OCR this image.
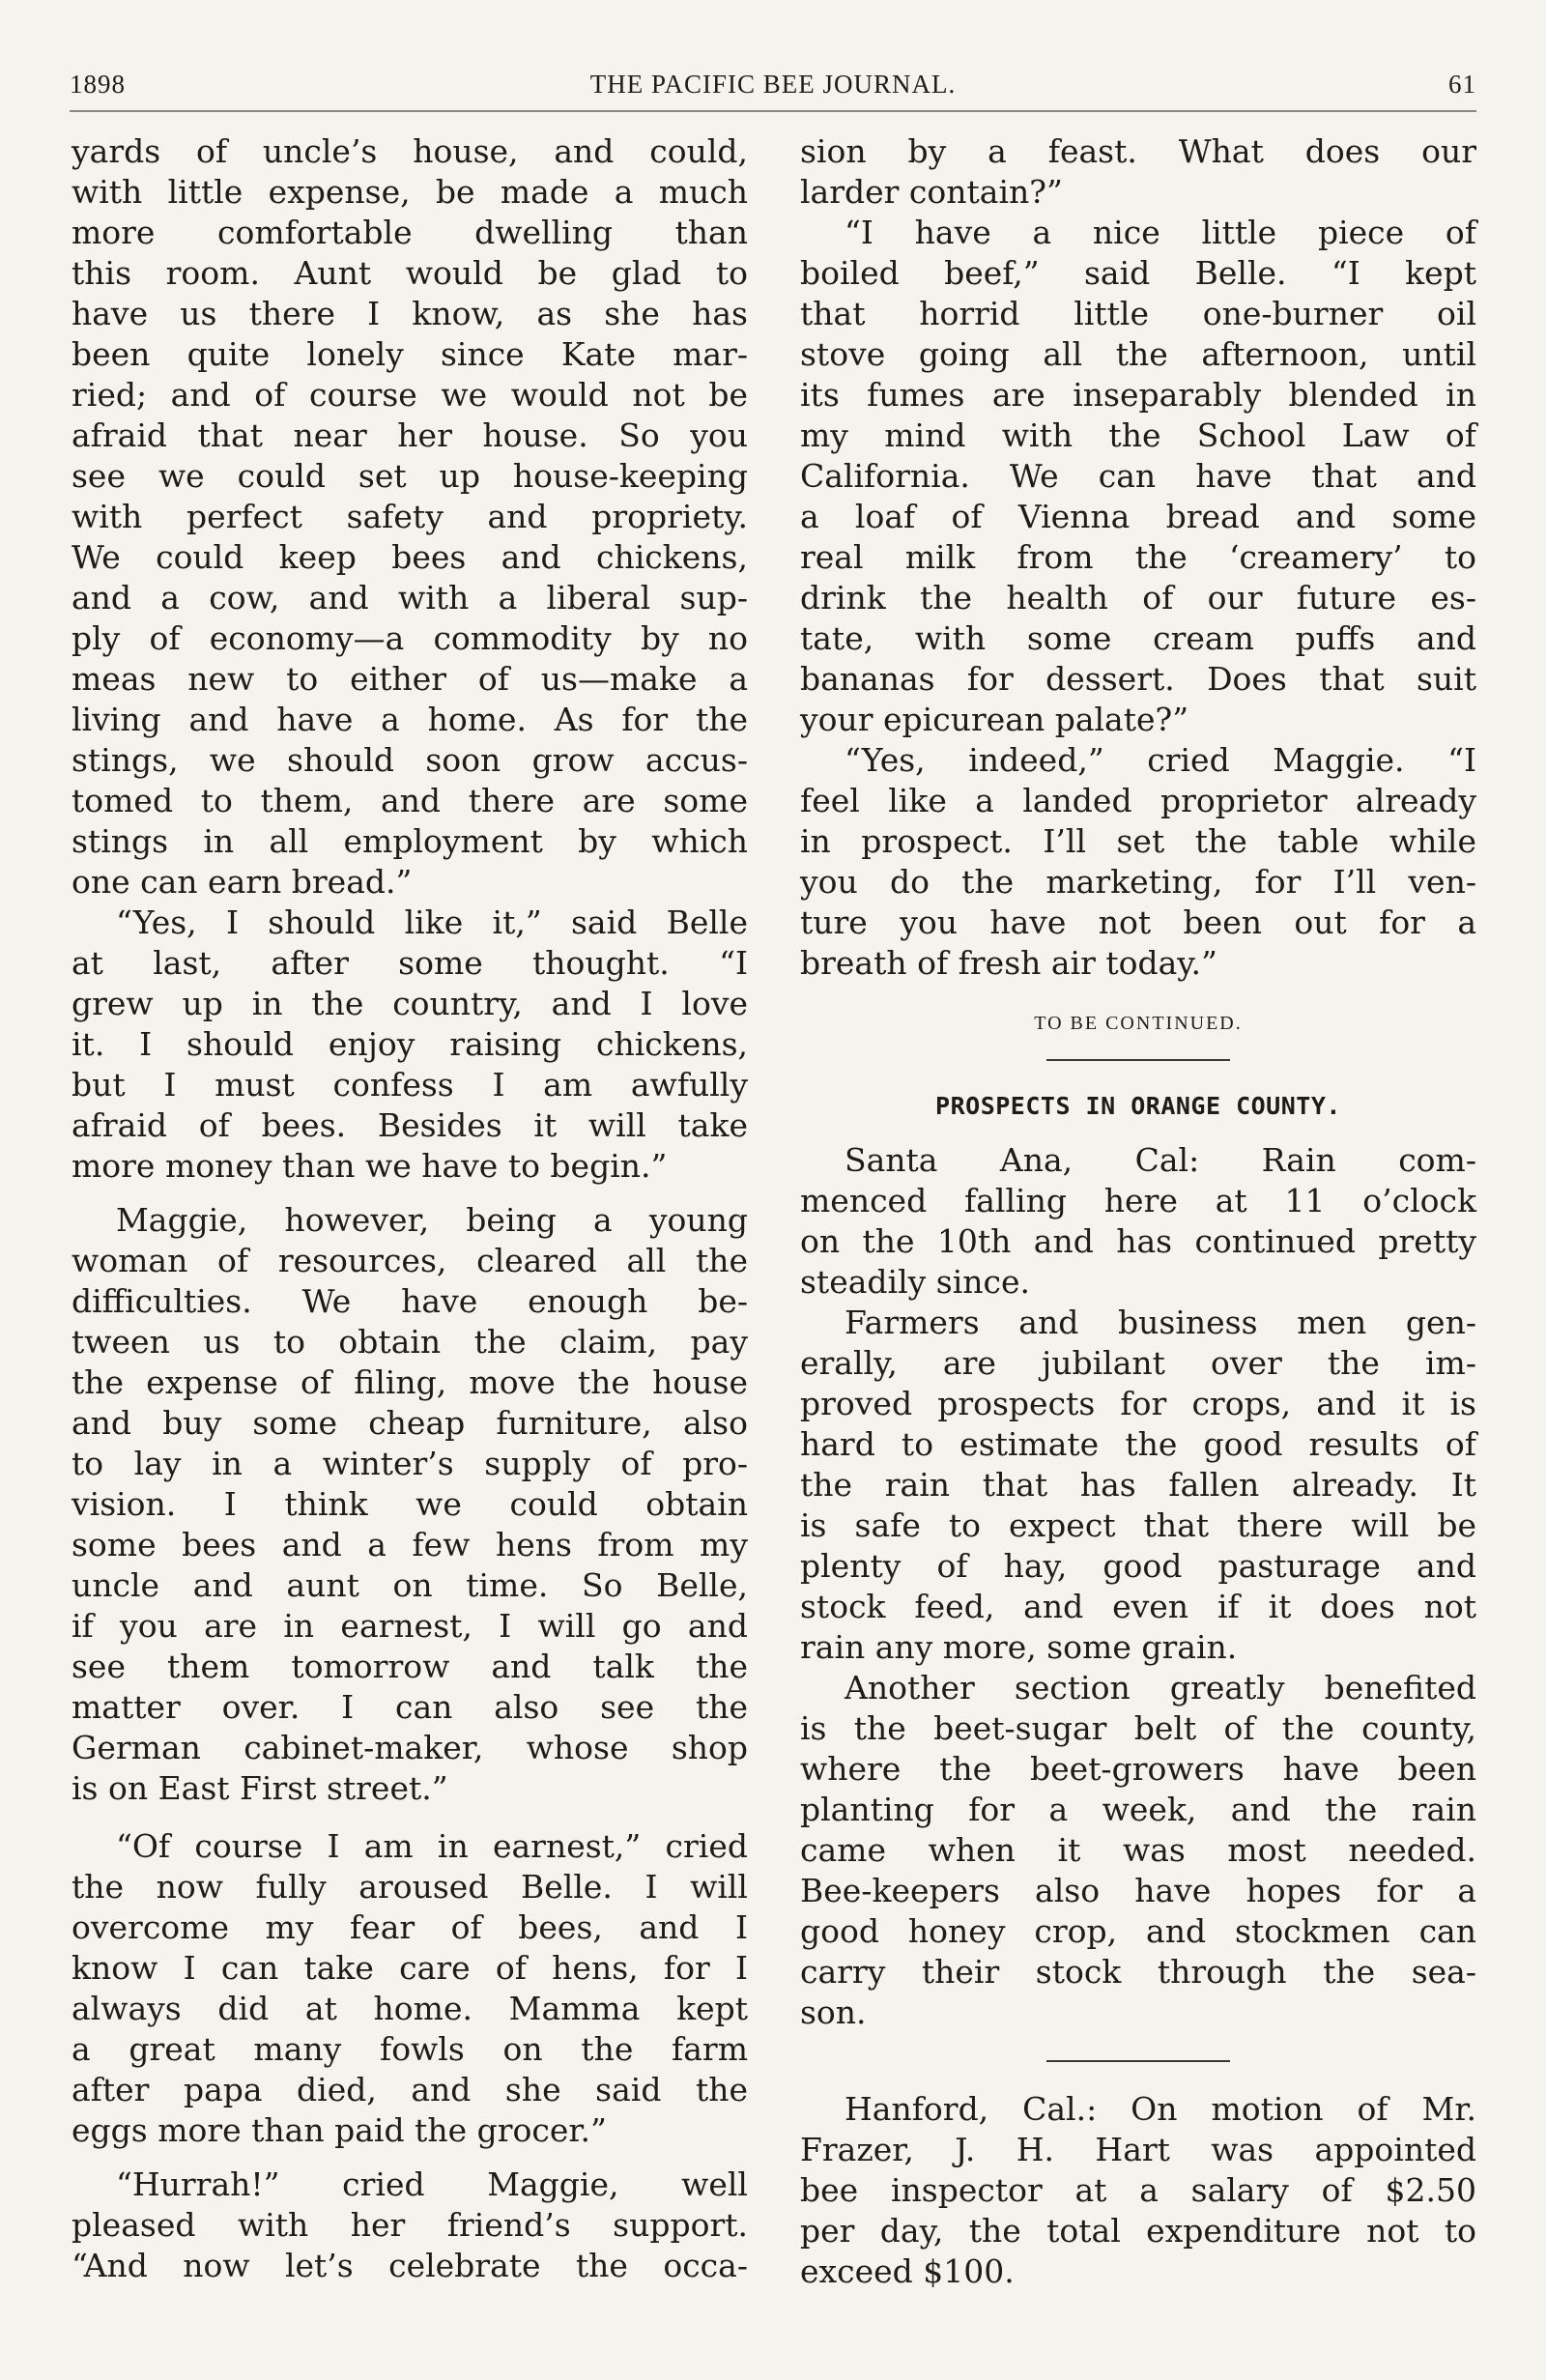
1898	THE PACIFIC BEE JOURNAL.	61
yards of uncle’s house, and could,
with little expense, be made a much
more comfortable dwelling than
this room. Aunt would be glad to
have us there I know, as she has
been quite lonely since Kate mar-
ried; and of course we would not be
afraid that near her house. So you
see we could set up house-keeping
with perfect safety and propriety.
We could keep bees and chickens,
and a cow, and with a liberal sup-
ply of economy—a commodity by no
meas new to either of us—make a
living and have a home. As for the
stings, we should soon grow accus-
tomed to them, and there are some
stings in all employment by which
one can earn bread.”
“Yes, I should like it,” said Belle
at last, after some thought. “I
grew up in the country, and I love
it. I should enjoy raising chickens,
but I must confess I am awfully
afraid of bees. Besides it will take
more money than we have to begin.”
Maggie, however, being a young
woman of resources, cleared all the
difficulties. We have enough be-
tween us to obtain the claim, pay
the expense of filing, move the house
and buy some cheap furniture, also
to lay in a winter’s supply of pro-
vision. I think we could obtain
some bees and a few hens from my
uncle and aunt on time. So Belle,
if you are in earnest, I will go and
see them tomorrow and talk the
matter over. I can also see the
German cabinet-maker, whose shop
is on East First street.”
“Of course I am in earnest,” cried
the now fully aroused Belle. I will
overcome my fear of bees, and I
know I can take care of hens, for I
always did at home. Mamma kept
a great many fowls on the farm
after papa died, and she said the
eggs more than paid the grocer.”
“Hurrah!” cried Maggie, well
pleased with her friend’s support.
“And now let’s celebrate the occa-
sion by a feast. What does our
larder contain?”
“I have a nice little piece of
boiled beef,” said Belle. “I kept
that horrid little one-burner oil
stove going all the afternoon, until
its fumes are inseparably blended in
my mind with the School Law of
California. We can have that and
a loaf of Vienna bread and some
real milk from the ‘creamery’ to
drink the health of our future es-
tate, with some cream puffs and
bananas for dessert. Does that suit
your epicurean palate?”
“Yes, indeed,” cried Maggie. “I
feel like a landed proprietor already
in prospect. I’ll set the table while
you do the marketing, for I’ll ven-
ture you have not been out for a
breath of fresh air today.”
TO BE CONTINUED.
PROSPECTS IN ORANGE COUNTY.
Santa Ana, Cal: Rain com-
menced falling here at 11 o’clock
on the 10th and has continued pretty
steadily since.
Farmers and business men gen-
erally, are jubilant over the im-
proved prospects for crops, and it is
hard to estimate the good results of
the rain that has fallen already. It
is safe to expect that there will be
plenty of hay, good pasturage and
stock feed, and even if it does not
rain any more, some grain.
Another section greatly benefited
is the beet-sugar belt of the county,
where the beet-growers have been
planting for a week, and the rain
came when it was most needed.
Bee-keepers also have hopes for a
good honey crop, and stockmen can
carry their stock through the sea-
son.
Hanford, Cal.: On motion of Mr.
Frazer, J. H. Hart was appointed
bee inspector at a salary of $2.50
per day, the total expenditure not to
exceed $100.
